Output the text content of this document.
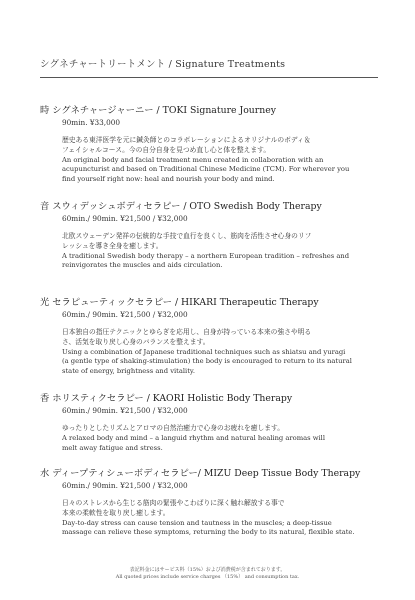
シグネチャートリートメント / Signature Treatments
時 シグネチャージャーニー / TOKI Signature Journey
90min. ¥33,000

歴史ある東洋医学を元に鍼灸師とのコラボレーションによるオリジナルのボディ＆

フェイシャルコース。今の自分自身を見つめ直し心と体を整えます。

An original body and facial treatment menu created in collaboration with an

acupuncturist and based on Traditional Chinese Medicine (TCM). For wherever you

find yourself right now: heal and nourish your body and mind.

音 スウィデッシュボディセラピー / OTO Swedish Body Therapy
60min./ 90min. ¥21,500 / ¥32,000

北欧スウェーデン発祥の伝統的な手技で血行を良くし、筋肉を活性させ心身のリフ

レッシュを導き全身を癒します。

A traditional Swedish body therapy – a northern European tradition – refreshes and

reinvigorates the muscles and aids circulation.

光 セラピューティックセラピー / HIKARI Therapeutic Therapy
60min./ 90min. ¥21,500 / ¥32,000

日本独自の指圧テクニックとゆらぎを応用し、自身が持っている本来の強さや明る

さ、活気を取り戻し心身のバランスを整えます。

Using a combination of Japanese traditional techniques such as shiatsu and yuragi

(a gentle type of shaking-stimulation) the body is encouraged to return to its natural

state of energy, brightness and vitality.

香 ホリスティクセラピー / KAORI Holistic Body Therapy
60min./ 90min. ¥21,500 / ¥32,000

ゆったりとしたリズムとアロマの自然治癒力で心身のお疲れを癒します。

A relaxed body and mind – a languid rhythm and natural healing aromas will

melt away fatigue and stress.

水 ディープティシューボディセラピー/ MIZU Deep Tissue Body Therapy
60min./ 90min. ¥21,500 / ¥32,000

日々のストレスから生じる筋肉の緊張やこわばりに深く触れ解放する事で

本来の柔軟性を取り戻し癒します。

Day-to-day stress can cause tension and tautness in the muscles; a deep-tissue

massage can relieve these symptoms, returning the body to its natural, flexible state.

表記料金にはサービス料（15%）および消費税が含まれております。
All quoted prices include service charges （15%） and consumption tax.
